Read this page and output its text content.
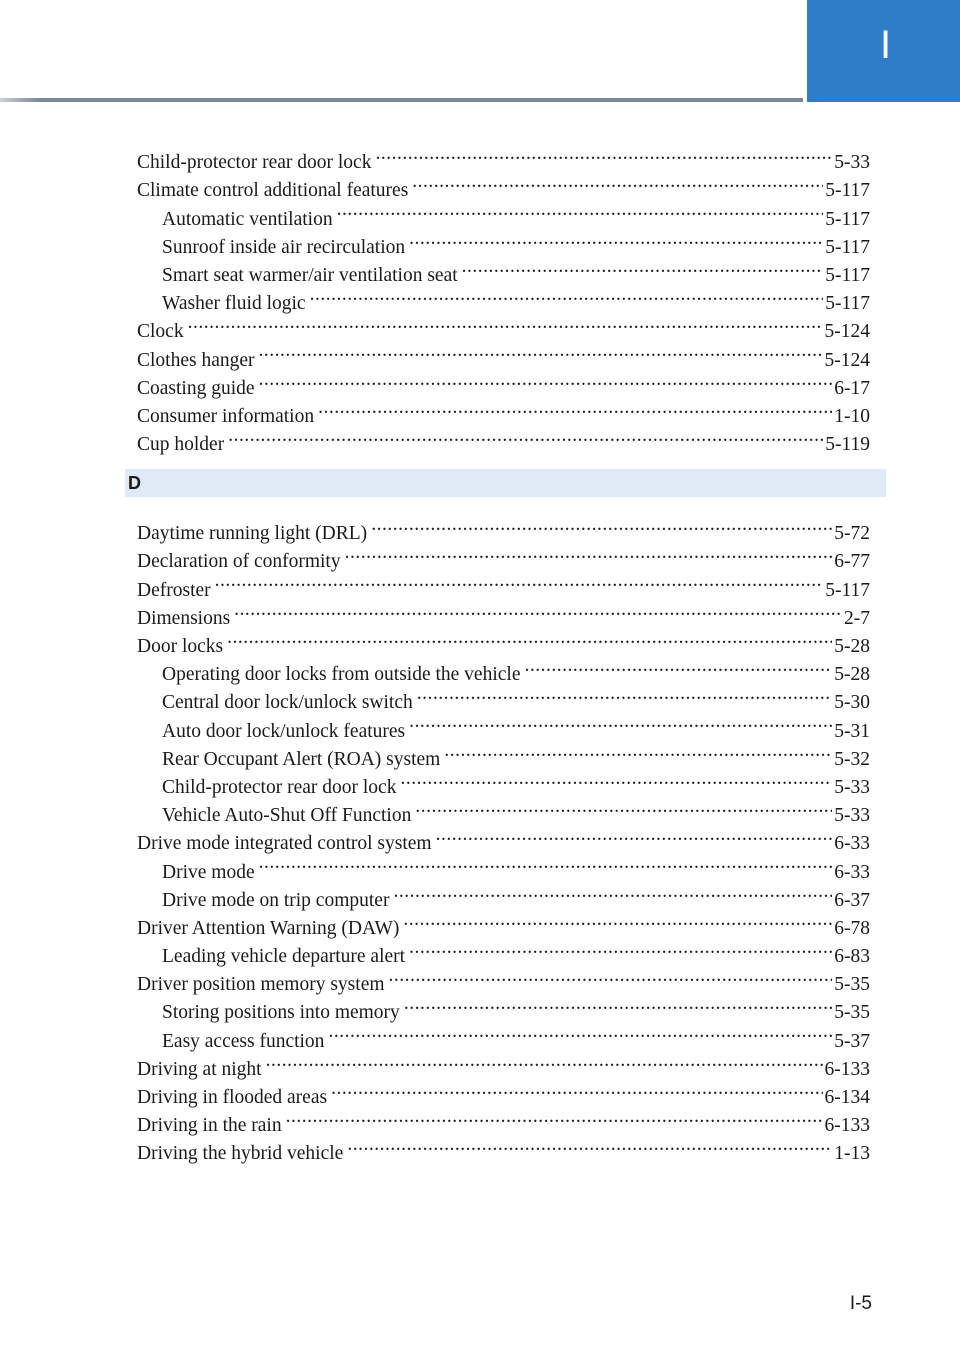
I
Child-protector rear door lock .....	5-33
Climate control additional features .....	5-117
Automatic ventilation .....	5-117
Sunroof inside air recirculation .....	5-117
Smart seat warmer/air ventilation seat .....	5-117
Washer fluid logic .....	5-117
Clock .....	5-124
Clothes hanger .....	5-124
Coasting guide .....	6-17
Consumer information .....	1-10
Cup holder .....	5-119
D
Daytime running light (DRL) .....	5-72
Declaration of conformity .....	6-77
Defroster .....	5-117
Dimensions .....	2-7
Door locks .....	5-28
Operating door locks from outside the vehicle .....	5-28
Central door lock/unlock switch .....	5-30
Auto door lock/unlock features .....	5-31
Rear Occupant Alert (ROA) system .....	5-32
Child-protector rear door lock .....	5-33
Vehicle Auto-Shut Off Function .....	5-33
Drive mode integrated control system .....	6-33
Drive mode .....	6-33
Drive mode on trip computer .....	6-37
Driver Attention Warning (DAW) .....	6-78
Leading vehicle departure alert .....	6-83
Driver position memory system .....	5-35
Storing positions into memory .....	5-35
Easy access function .....	5-37
Driving at night .....	6-133
Driving in flooded areas .....	6-134
Driving in the rain .....	6-133
Driving the hybrid vehicle .....	1-13
I-5
